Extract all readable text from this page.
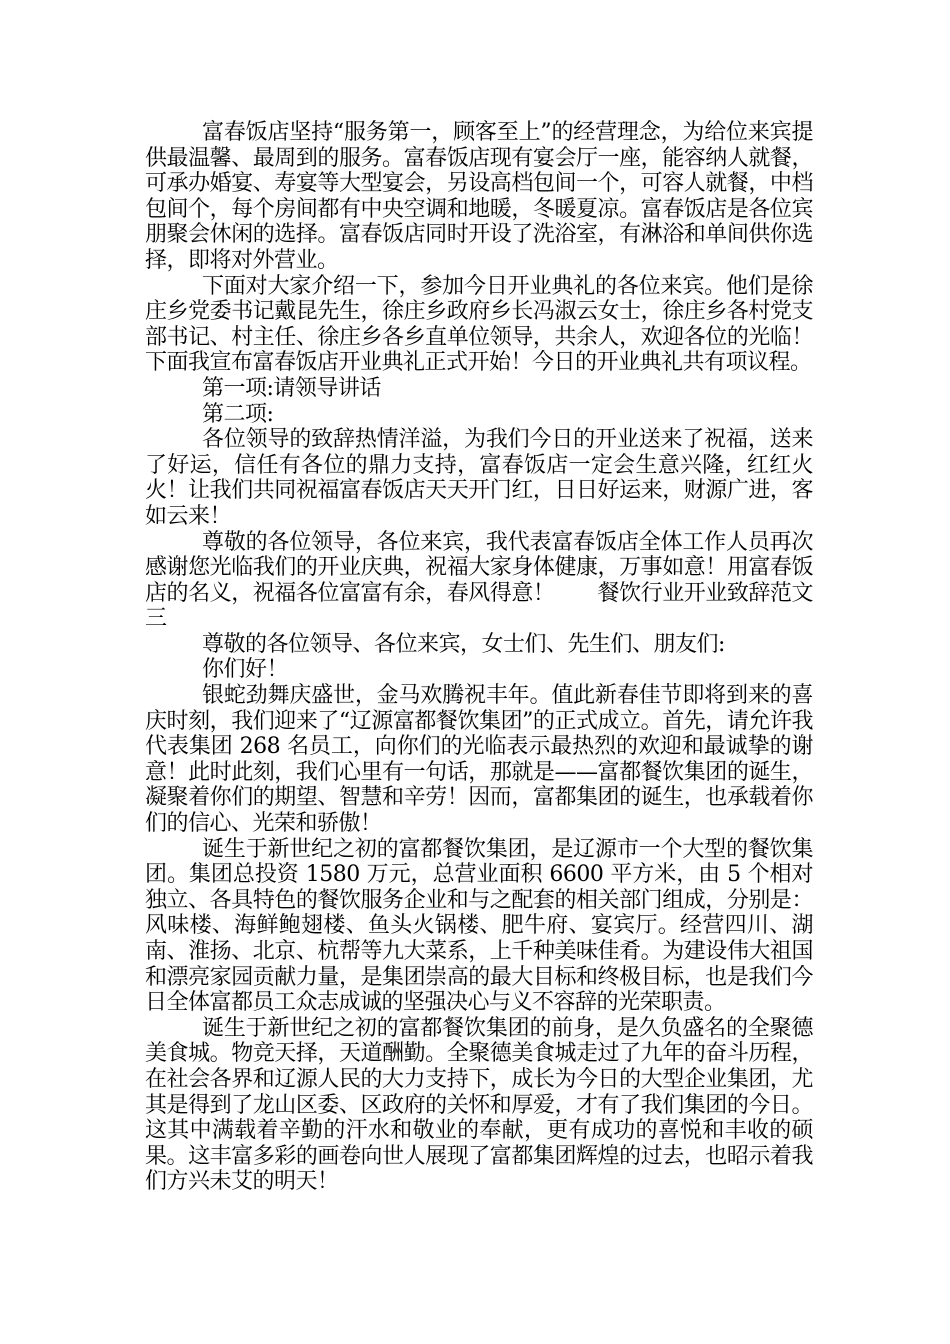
富春饭店坚持“服务第一，顾客至上”的经营理念，为给位来宾提供最温馨、最周到的服务。富春饭店现有宴会厅一座，能容纳人就餐，可承办婚宴、寿宴等大型宴会，另设高档包间一个，可容人就餐，中档包间个，每个房间都有中央空调和地暖，冬暖夏凉。富春饭店是各位宾朋聚会休闲的选择。富春饭店同时开设了洗浴室，有淋浴和单间供你选择，即将对外营业。

下面对大家介绍一下，参加今日开业典礼的各位来宾。他们是徐庄乡党委书记戴昆先生，徐庄乡政府乡长冯淑云女士，徐庄乡各村党支部书记、村主任、徐庄乡各乡直单位领导，共余人，欢迎各位的光临！下面我宣布富春饭店开业典礼正式开始！今日的开业典礼共有项议程。

第一项:请领导讲话

第二项:

各位领导的致辞热情洋溢，为我们今日的开业送来了祝福，送来了好运，信任有各位的鼎力支持，富春饭店一定会生意兴隆，红红火火！让我们共同祝福富春饭店天天开门红，日日好运来，财源广进，客如云来！

尊敬的各位领导，各位来宾，我代表富春饭店全体工作人员再次感谢您光临我们的开业庆典，祝福大家身体健康，万事如意！用富春饭店的名义，祝福各位富富有余，春风得意！　　餐饮行业开业致辞范文三

尊敬的各位领导、各位来宾，女士们、先生们、朋友们:

你们好！

银蛇劲舞庆盛世，金马欢腾祝丰年。值此新春佳节即将到来的喜庆时刻，我们迎来了“辽源富都餐饮集团”的正式成立。首先，请允许我代表集团 268 名员工，向你们的光临表示最热烈的欢迎和最诚挚的谢意！此时此刻，我们心里有一句话，那就是——富都餐饮集团的诞生，凝聚着你们的期望、智慧和辛劳！因而，富都集团的诞生，也承载着你们的信心、光荣和骄傲！

诞生于新世纪之初的富都餐饮集团，是辽源市一个大型的餐饮集团。集团总投资 1580 万元，总营业面积 6600 平方米，由 5 个相对独立、各具特色的餐饮服务企业和与之配套的相关部门组成，分别是：风味楼、海鲜鲍翅楼、鱼头火锅楼、肥牛府、宴宾厅。经营四川、湖南、淮扬、北京、杭帮等九大菜系，上千种美味佳肴。为建设伟大祖国和漂亮家园贡献力量，是集团崇高的最大目标和终极目标，也是我们今日全体富都员工众志成诚的坚强决心与义不容辞的光荣职责。

诞生于新世纪之初的富都餐饮集团的前身，是久负盛名的全聚德美食城。物竞天择，天道酬勤。全聚德美食城走过了九年的奋斗历程，在社会各界和辽源人民的大力支持下，成长为今日的大型企业集团，尤其是得到了龙山区委、区政府的关怀和厚爱，才有了我们集团的今日。这其中满载着辛勤的汗水和敬业的奉献，更有成功的喜悦和丰收的硕果。这丰富多彩的画卷向世人展现了富都集团辉煌的过去，也昭示着我们方兴未艾的明天！
